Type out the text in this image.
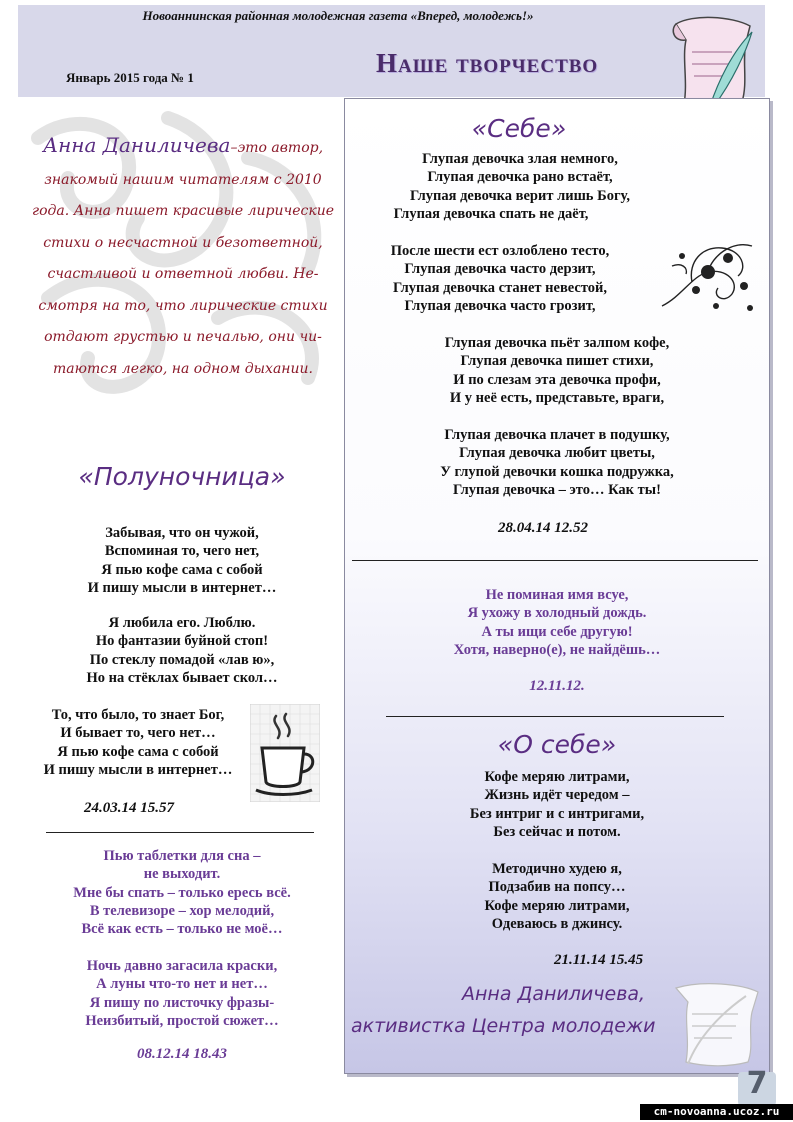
Новоаннинская районная молодежная газета «Вперед, молодежь!»
Январь 2015 года № 1	Наше творчество
Анна Даниличева–это автор,
знакомый нашим читателям с 2010
года. Анна пишет красивые лирические
стихи о несчастной и безответной,
счастливой и ответной любви. Не-
смотря на то, что лирические стихи
отдают грустью и печалью, они чи-
таются легко, на одном дыхании.
«Полуночница»
Забывая, что он чужой,
Вспоминая то, чего нет,
Я пью кофе сама с собой
И пишу мысли в интернет…
Я любила его. Люблю.
Но фантазии буйной стоп!
По стеклу помадой «лав ю»,
Но на стёклах бывает скол…
То, что было, то знает Бог,
И бывает то, чего нет…
Я пью кофе сама с собой
И пишу мысли в интернет…
24.03.14 15.57
Пью таблетки для сна –
не выходит.
Мне бы спать – только ересь всё.
В телевизоре – хор мелодий,
Всё как есть – только не моё…
Ночь давно загасила краски,
А луны что-то нет и нет…
Я пишу по листочку фразы-
Неизбитый, простой сюжет…
08.12.14 18.43
«Себе»
Глупая девочка злая немного,
Глупая девочка рано встаёт,
Глупая девочка верит лишь Богу,
Глупая девочка спать не даёт,
После шести ест озлоблено тесто,
Глупая девочка часто дерзит,
Глупая девочка станет невестой,
Глупая девочка часто грозит,
Глупая девочка пьёт залпом кофе,
Глупая девочка пишет стихи,
И по слезам эта девочка профи,
И у неё есть, представьте, враги,
Глупая девочка плачет в подушку,
Глупая девочка любит цветы,
У глупой девочки кошка подружка,
Глупая девочка – это… Как ты!
28.04.14 12.52
Не поминая имя всуе,
Я ухожу в холодный дождь.
А ты ищи себе другую!
Хотя, наверно(е), не найдёшь…
12.11.12.
«О себе»
Кофе меряю литрами,
Жизнь идёт чередом –
Без интриг и с интригами,
Без сейчас и потом.
Методично худею я,
Подзабив на попсу…
Кофе меряю литрами,
Одеваюсь в джинсу.
21.11.14 15.45
Анна Даниличева,
активистка Центра молодежи
7
cm-novoanna.ucoz.ru
